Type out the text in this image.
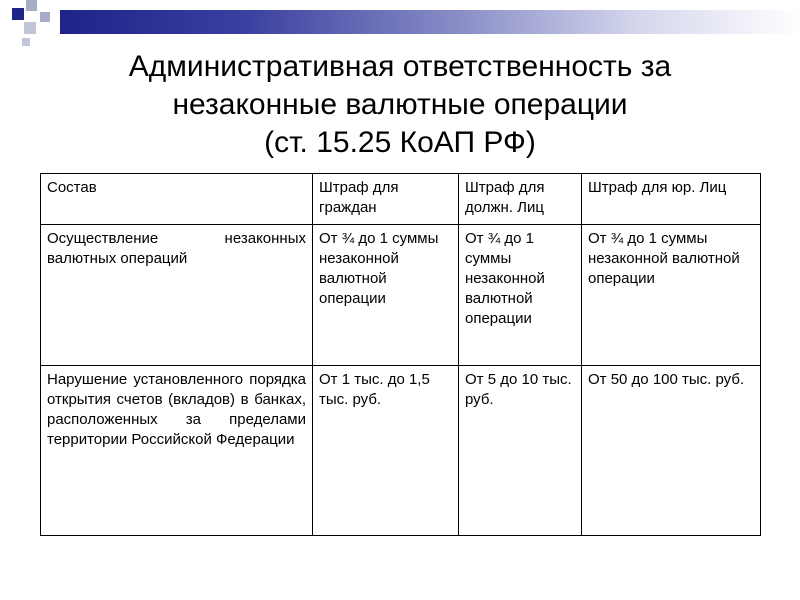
Административная ответственность за
незаконные валютные операции
(ст. 15.25 КоАП РФ)
Состав	Штраф для граждан	Штраф для должн. Лиц	Штраф для юр. Лиц
Осуществление незаконных валютных операций	От ¾ до 1 суммы незаконной валютной операции	От ¾ до 1 суммы незаконной валютной операции	От ¾ до 1 суммы незаконной валютной операции
Нарушение установленного порядка открытия счетов (вкладов) в банках, расположенных за пределами территории Российской Федерации	От 1 тыс. до 1,5 тыс. руб.	От 5 до 10 тыс. руб.	От 50 до 100 тыс. руб.
